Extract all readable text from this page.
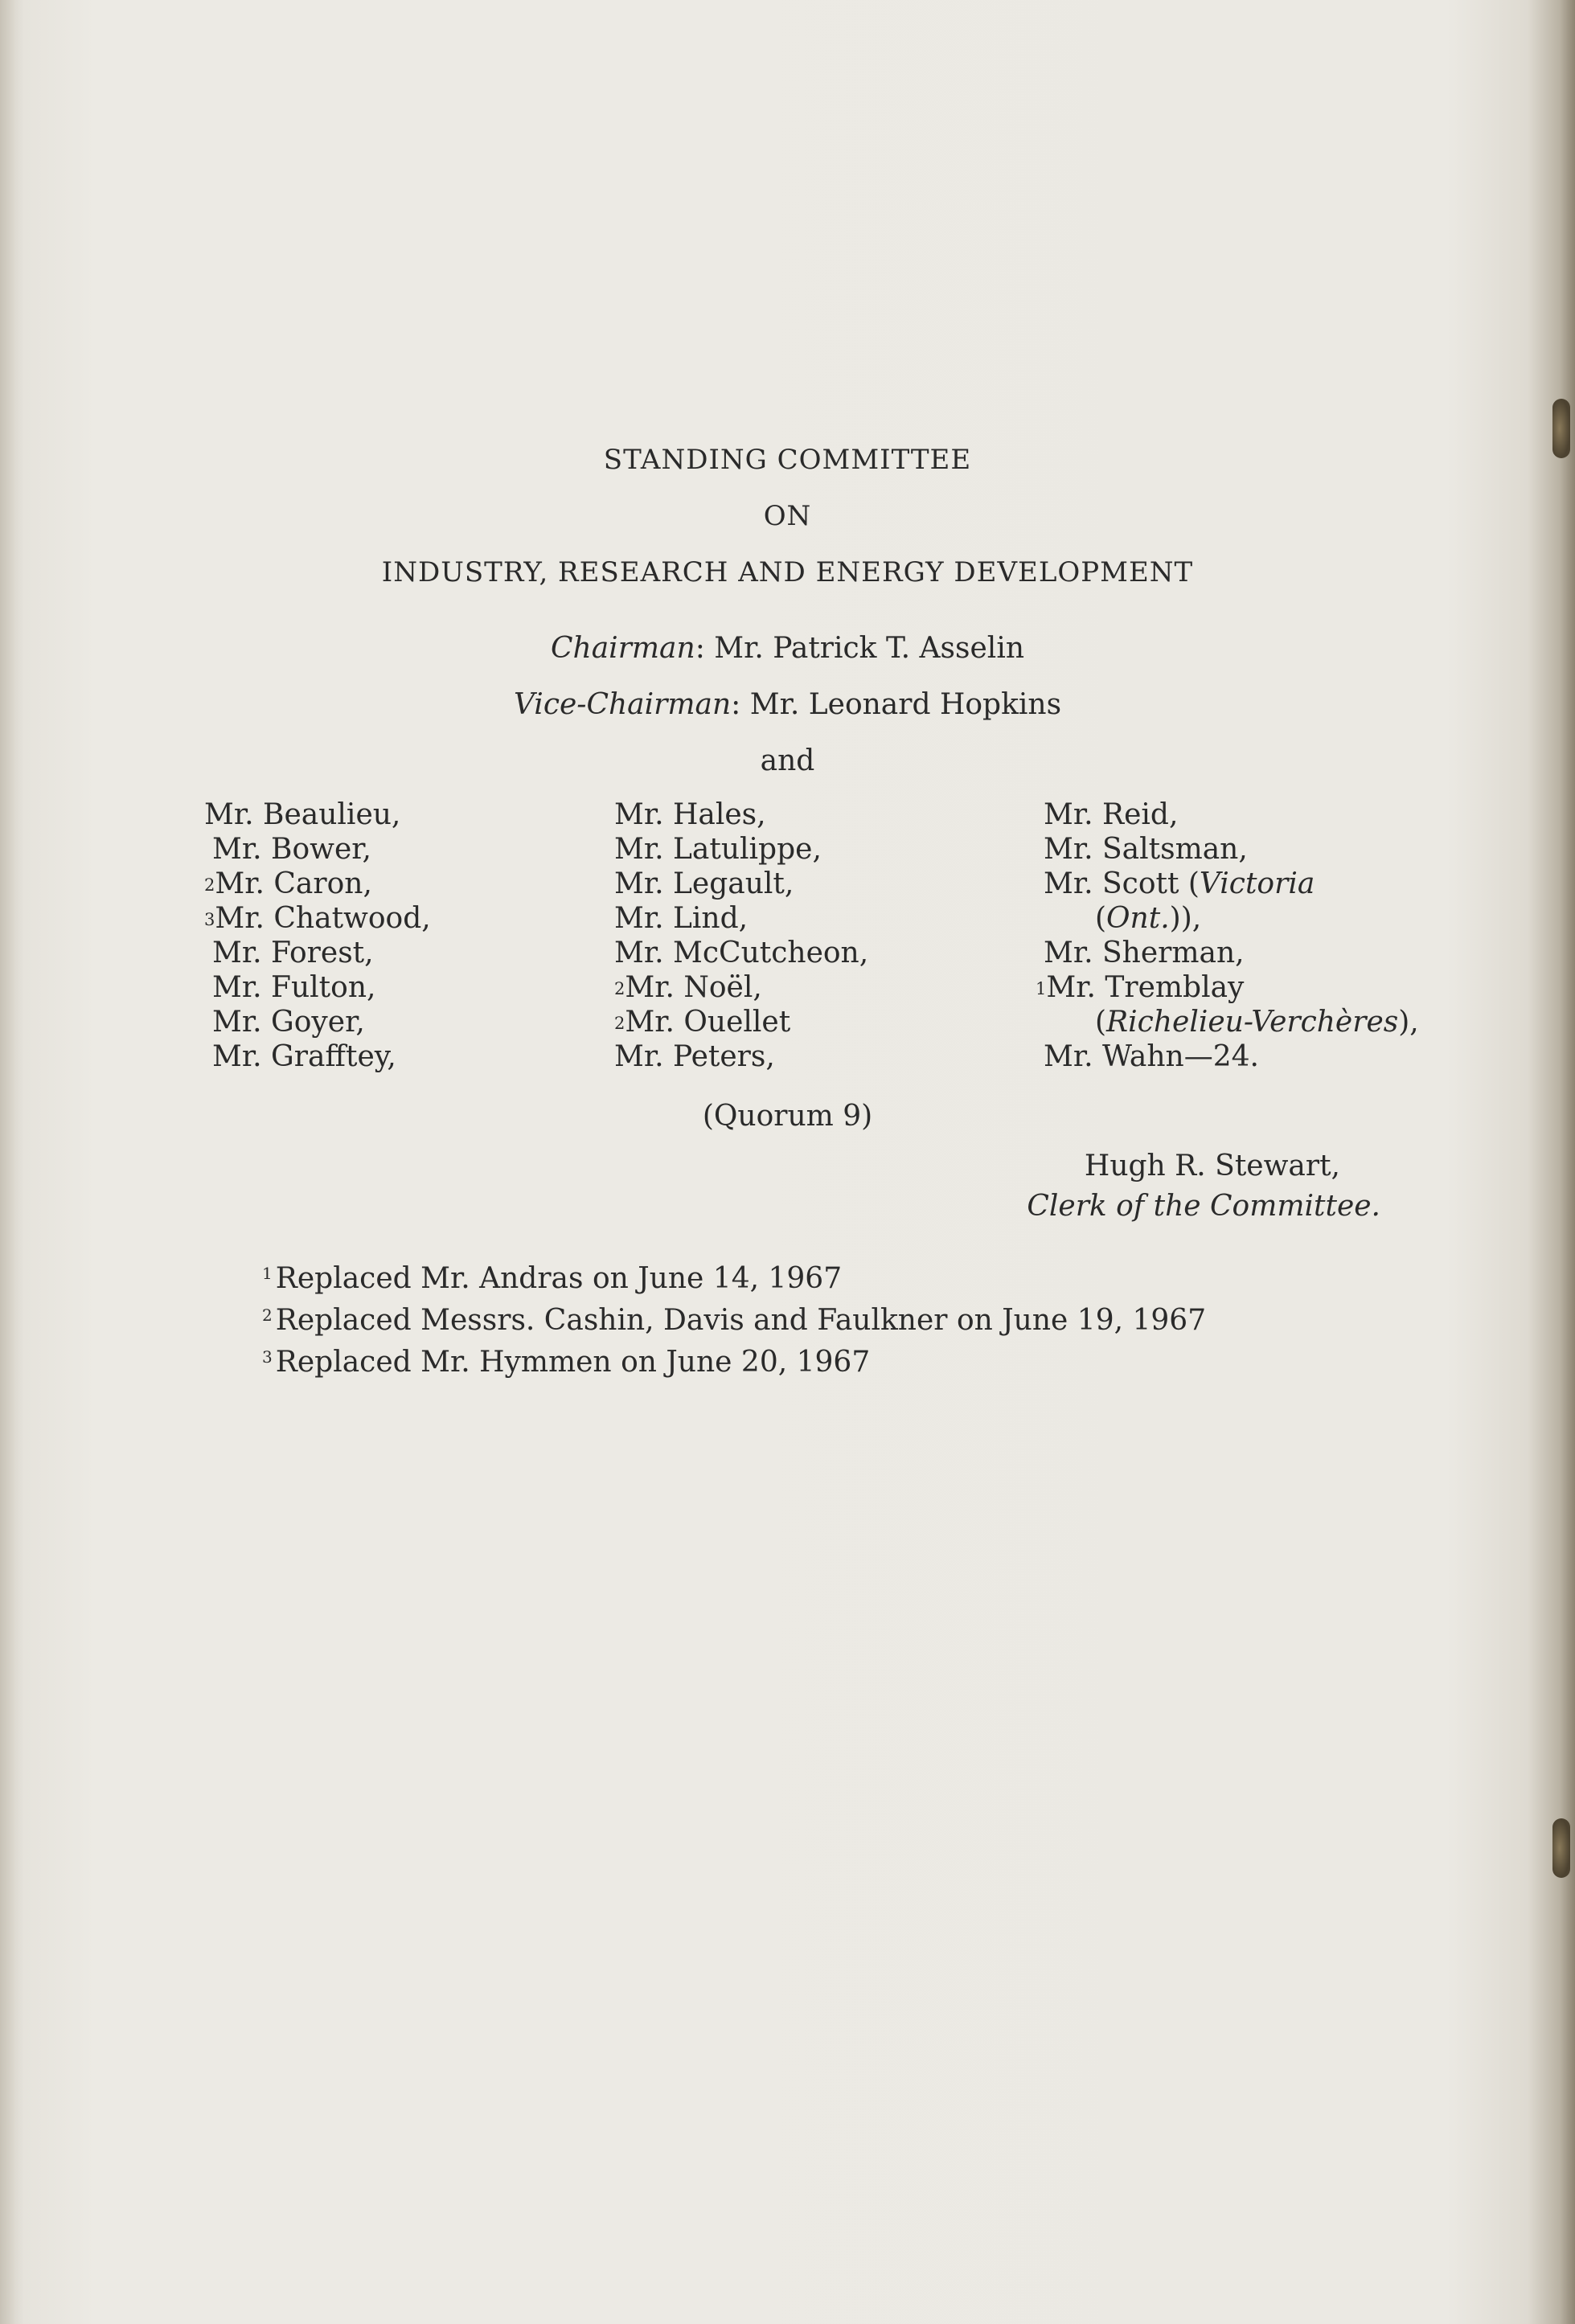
STANDING COMMITTEE
ON
INDUSTRY, RESEARCH AND ENERGY DEVELOPMENT
Chairman: Mr. Patrick T. Asselin
Vice-Chairman: Mr. Leonard Hopkins
and
Mr. Beaulieu,
Mr. Bower,
$^2$Mr. Caron,
$^3$Mr. Chatwood,
Mr. Forest,
Mr. Fulton,
Mr. Goyer,
Mr. Grafftey,
Mr. Hales,
Mr. Latulippe,
Mr. Legault,
Mr. Lind,
Mr. McCutcheon,
$^2$Mr. Noël,
$^2$Mr. Ouellet
Mr. Peters,
Mr. Reid,
Mr. Saltsman,
Mr. Scott (Victoria
(Ont.)),
Mr. Sherman,
$^1$Mr. Tremblay
(Richelieu-Verchères),
Mr. Wahn—24.
(Quorum 9)
Hugh R. Stewart,
Clerk of the Committee.
$^1$ Replaced Mr. Andras on June 14, 1967
$^2$ Replaced Messrs. Cashin, Davis and Faulkner on June 19, 1967
$^3$ Replaced Mr. Hymmen on June 20, 1967
